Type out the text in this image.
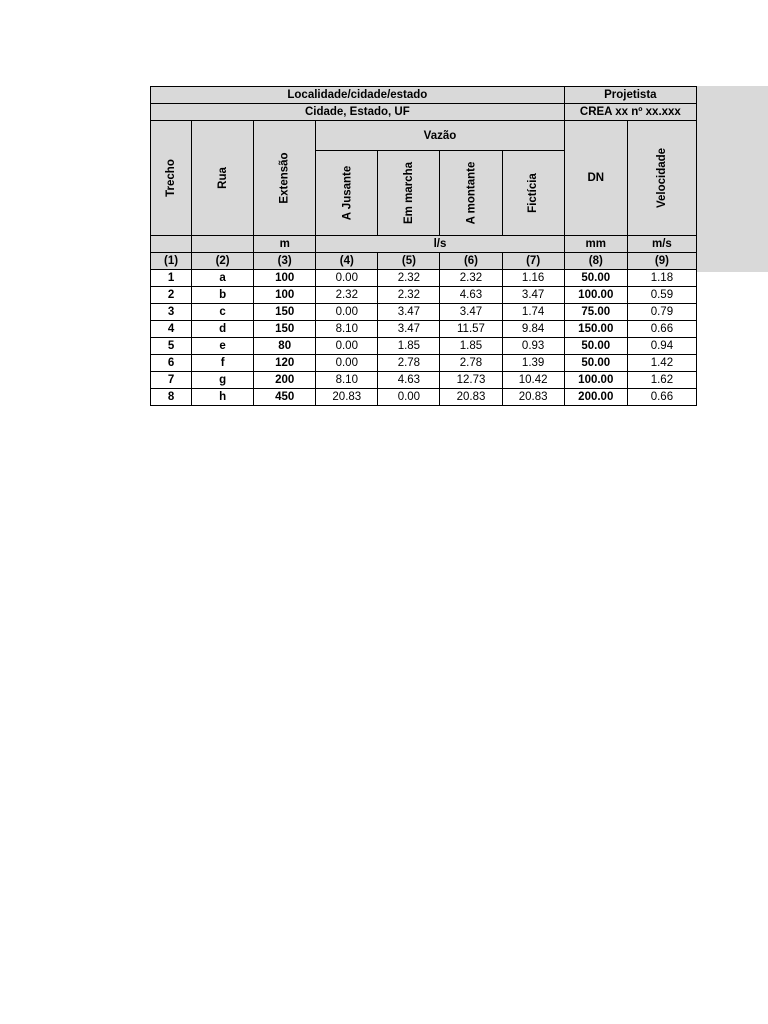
Localidade/cidade/estado							Projetista	
Cidade, Estado, UF							CREA xx nº xx.xxx	
Trecho	Rua	Extensão	Vazão				DN	Velocidade
			A Jusante	Em marcha	A montante	Fictícia		
		m	l/s				mm	m/s
(1)	(2)	(3)	(4)	(5)	(6)	(7)	(8)	(9)
1	a	100	0.00	2.32	2.32	1.16	50.00	1.18
2	b	100	2.32	2.32	4.63	3.47	100.00	0.59
3	c	150	0.00	3.47	3.47	1.74	75.00	0.79
4	d	150	8.10	3.47	11.57	9.84	150.00	0.66
5	e	80	0.00	1.85	1.85	0.93	50.00	0.94
6	f	120	0.00	2.78	2.78	1.39	50.00	1.42
7	g	200	8.10	4.63	12.73	10.42	100.00	1.62
8	h	450	20.83	0.00	20.83	20.83	200.00	0.66
